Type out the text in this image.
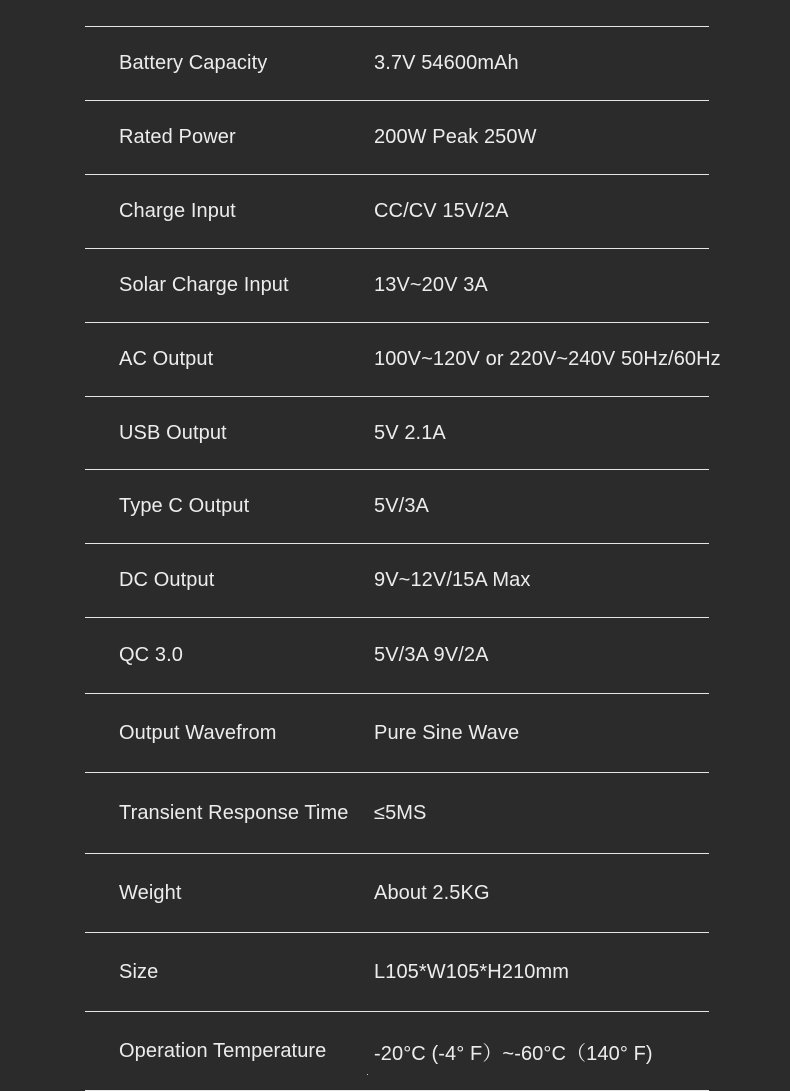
Battery Capacity	3.7V 54600mAh
Rated Power	200W Peak 250W
Charge Input	CC/CV 15V/2A
Solar Charge Input	13V~20V 3A
AC Output	100V~120V or 220V~240V 50Hz/60Hz
USB Output	5V 2.1A
Type C Output	5V/3A
DC Output	9V~12V/15A Max
QC 3.0	5V/3A 9V/2A
Output Wavefrom	Pure Sine Wave
Transient Response Time ≤5MS
Weight	About 2.5KG
Size	L105*W105*H210mm
Operation Temperature -20°C (-4° F）~-60°C（140° F)
